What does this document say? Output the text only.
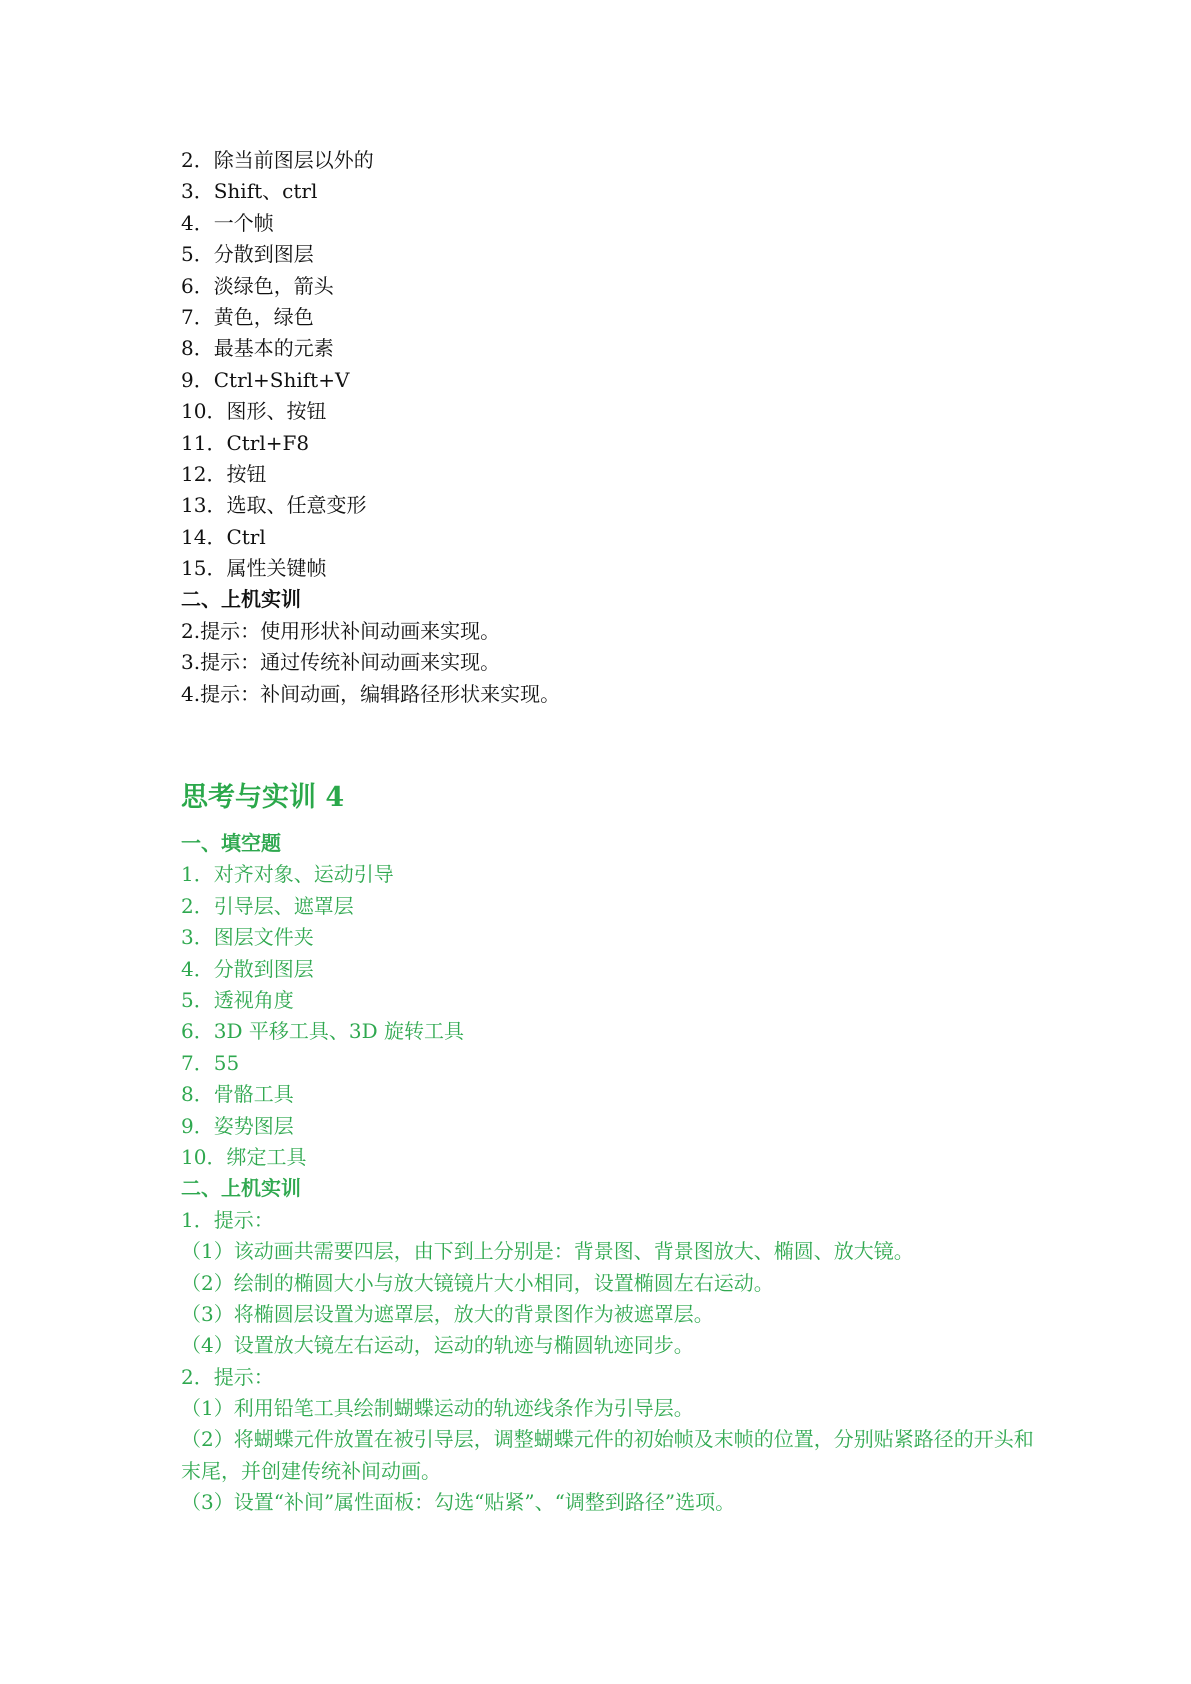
2．除当前图层以外的
3．Shift、ctrl
4．一个帧
5．分散到图层
6．淡绿色，箭头
7．黄色，绿色
8．最基本的元素
9．Ctrl+Shift+V
10．图形、按钮
11．Ctrl+F8
12．按钮
13．选取、任意变形
14．Ctrl
15．属性关键帧
二、上机实训
2.提示：使用形状补间动画来实现。
3.提示：通过传统补间动画来实现。
4.提示：补间动画，编辑路径形状来实现。
思考与实训 4
一、填空题
1．对齐对象、运动引导
2．引导层、遮罩层
3．图层文件夹
4．分散到图层
5．透视角度
6．3D 平移工具、3D 旋转工具
7．55
8．骨骼工具
9．姿势图层
10．绑定工具
二、上机实训
1．提示：
（1）该动画共需要四层，由下到上分别是：背景图、背景图放大、椭圆、放大镜。
（2）绘制的椭圆大小与放大镜镜片大小相同，设置椭圆左右运动。
（3）将椭圆层设置为遮罩层，放大的背景图作为被遮罩层。
（4）设置放大镜左右运动，运动的轨迹与椭圆轨迹同步。
2．提示：
（1）利用铅笔工具绘制蝴蝶运动的轨迹线条作为引导层。
（2）将蝴蝶元件放置在被引导层，调整蝴蝶元件的初始帧及末帧的位置，分别贴紧路径的开头和末尾，并创建传统补间动画。
（3）设置“补间”属性面板：勾选“贴紧”、“调整到路径”选项。
